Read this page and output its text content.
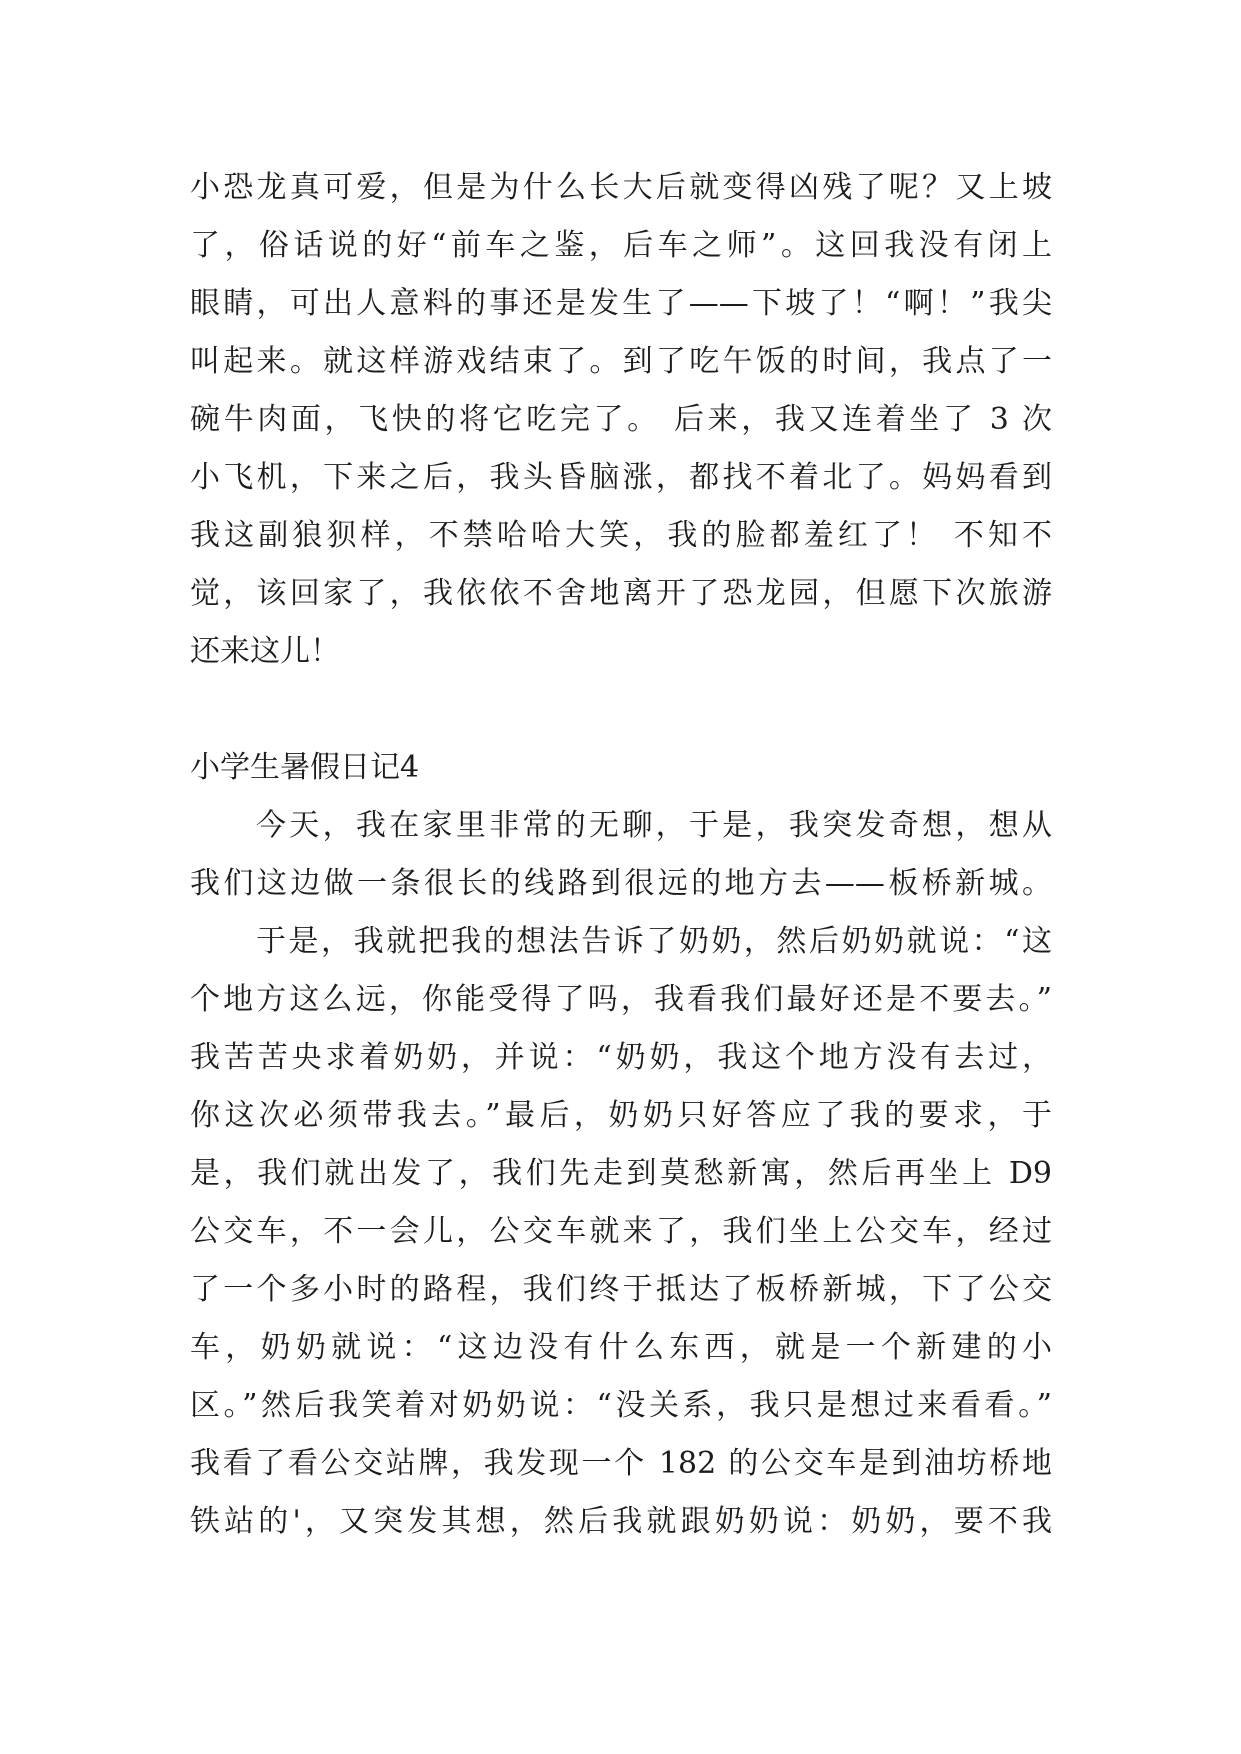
小恐龙真可爱，但是为什么长大后就变得凶残了呢？又上坡
了，俗话说的好“前车之鉴，后车之师”。这回我没有闭上
眼睛，可出人意料的事还是发生了——下坡了！“啊！”我尖
叫起来。就这样游戏结束了。到了吃午饭的时间，我点了一
碗牛肉面，飞快的将它吃完了。 后来，我又连着坐了 3 次
小飞机，下来之后，我头昏脑涨，都找不着北了。妈妈看到
我这副狼狈样，不禁哈哈大笑，我的脸都羞红了！ 不知不
觉，该回家了，我依依不舍地离开了恐龙园，但愿下次旅游
还来这儿！
小学生暑假日记4
今天，我在家里非常的无聊，于是，我突发奇想，想从
我们这边做一条很长的线路到很远的地方去——板桥新城。
于是，我就把我的想法告诉了奶奶，然后奶奶就说：“这
个地方这么远，你能受得了吗，我看我们最好还是不要去。”
我苦苦央求着奶奶，并说：“奶奶，我这个地方没有去过，
你这次必须带我去。”最后，奶奶只好答应了我的要求，于
是，我们就出发了，我们先走到莫愁新寓，然后再坐上 D9
公交车，不一会儿，公交车就来了，我们坐上公交车，经过
了一个多小时的路程，我们终于抵达了板桥新城，下了公交
车，奶奶就说：“这边没有什么东西，就是一个新建的小
区。”然后我笑着对奶奶说：“没关系，我只是想过来看看。”
我看了看公交站牌，我发现一个 182 的公交车是到油坊桥地
铁站的'，又突发其想，然后我就跟奶奶说：奶奶，要不我
